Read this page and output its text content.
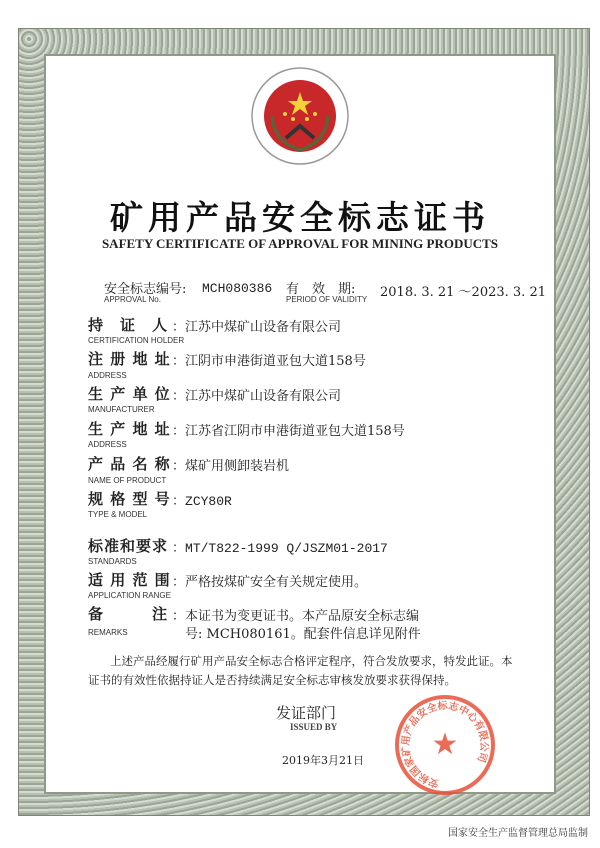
矿用产品安全标志证书
SAFETY CERTIFICATE OF APPROVAL FOR MINING PRODUCTS
安全标志编号:
APPROVAL No.
MCH080386 有　效　期:
PERIOD OF VALIDITY 2018. 3. 21 ～2023. 3. 21
持　证　人 ：江苏中煤矿山设备有限公司
CERTIFICATION HOLDER
注 册 地 址 ：江阴市申港街道亚包大道158号
ADDRESS
生 产 单 位 ：江苏中煤矿山设备有限公司
MANUFACTURER
生 产 地 址 ：江苏省江阴市申港街道亚包大道158号
ADDRESS
产 品 名 称 ：煤矿用侧卸装岩机
NAME OF PRODUCT
规 格 型 号 ：ZCY80R
TYPE & MODEL
标准和要求 ：MT/T822-1999 Q/JSZM01-2017
STANDARDS
适 用 范 围 ：严格按煤矿安全有关规定使用。
APPLICATION RANGE
备　　　注 ：本证书为变更证书。本产品原安全标志编
号: MCH080161。配套件信息详见附件
REMARKS
上述产品经履行矿用产品安全标志合格评定程序，符合发放要求，特发此证。本
证书的有效性依据持证人是否持续满足安全标志审核发放要求获得保持。
发证部门
ISSUED BY	★
安标国家矿用产品安全标志中心有限公司
2019年3月21日
国家安全生产监督管理总局监制
